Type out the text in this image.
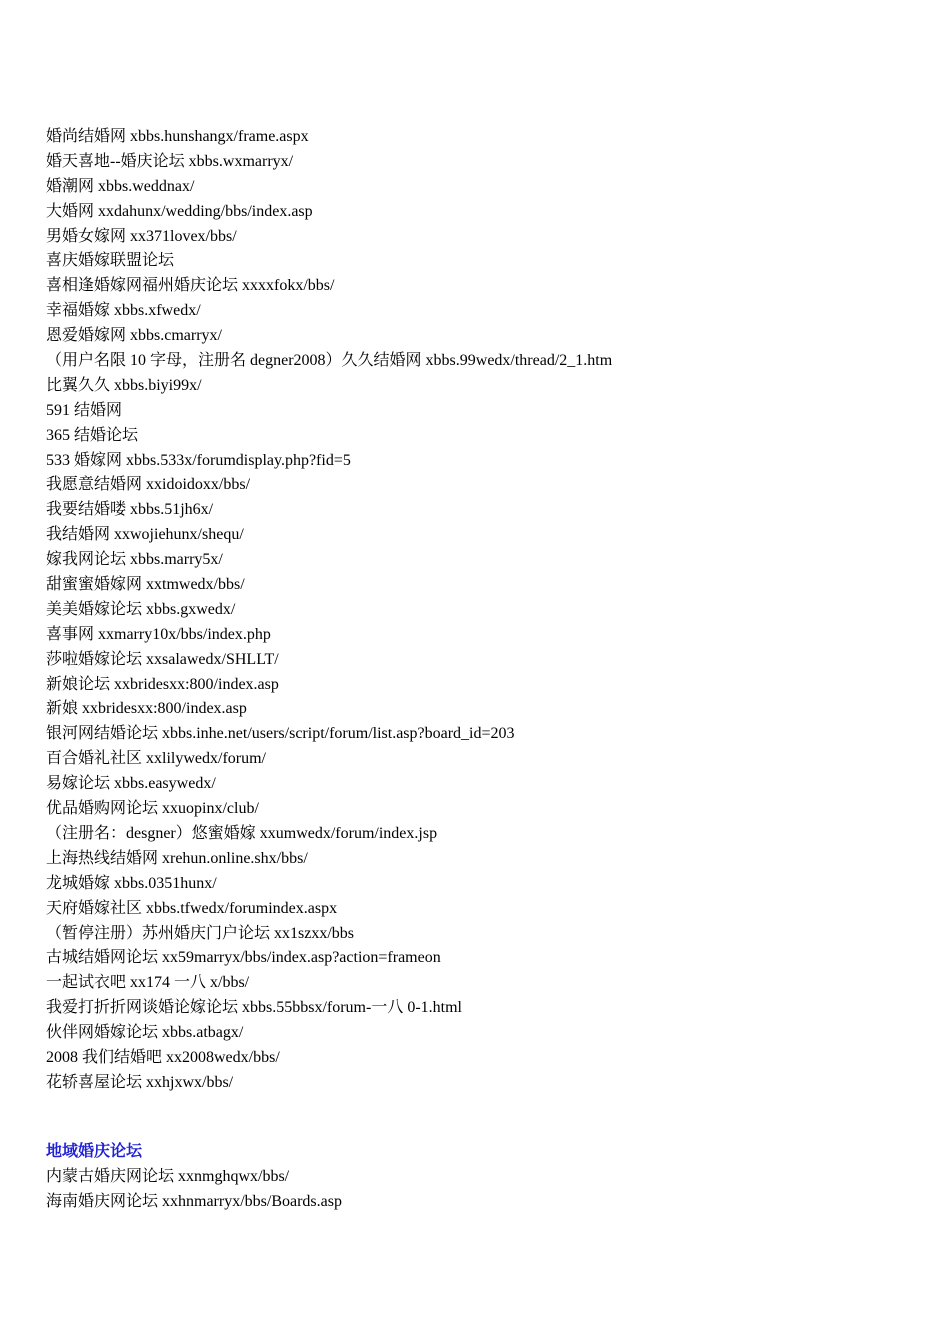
婚尚结婚网 xbbs.hunshangx/frame.aspx
婚天喜地--婚庆论坛 xbbs.wxmarryx/
婚潮网 xbbs.weddnax/
大婚网 xxdahunx/wedding/bbs/index.asp
男婚女嫁网 xx371lovex/bbs/
喜庆婚嫁联盟论坛
喜相逢婚嫁网福州婚庆论坛 xxxxfokx/bbs/
幸福婚嫁 xbbs.xfwedx/
恩爱婚嫁网 xbbs.cmarryx/
（用户名限 10 字母，注册名 degner2008）久久结婚网 xbbs.99wedx/thread/2_1.htm
比翼久久 xbbs.biyi99x/
591 结婚网
365 结婚论坛
533 婚嫁网 xbbs.533x/forumdisplay.php?fid=5
我愿意结婚网 xxidoidoxx/bbs/
我要结婚喽 xbbs.51jh6x/
我结婚网 xxwojiehunx/shequ/
嫁我网论坛 xbbs.marry5x/
甜蜜蜜婚嫁网 xxtmwedx/bbs/
美美婚嫁论坛 xbbs.gxwedx/
喜事网 xxmarry10x/bbs/index.php
莎啦婚嫁论坛 xxsalawedx/SHLLT/
新娘论坛 xxbridesxx:800/index.asp
新娘 xxbridesxx:800/index.asp
银河网结婚论坛 xbbs.inhe.net/users/script/forum/list.asp?board_id=203
百合婚礼社区 xxlilywedx/forum/
易嫁论坛 xbbs.easywedx/
优品婚购网论坛 xxuopinx/club/
（注册名：desgner）悠蜜婚嫁 xxumwedx/forum/index.jsp
上海热线结婚网 xrehun.online.shx/bbs/
龙城婚嫁 xbbs.0351hunx/
天府婚嫁社区 xbbs.tfwedx/forumindex.aspx
（暂停注册）苏州婚庆门户论坛 xx1szxx/bbs
古城结婚网论坛 xx59marryx/bbs/index.asp?action=frameon
一起试衣吧 xx174 一八 x/bbs/
我爱打折折网谈婚论嫁论坛 xbbs.55bbsx/forum-一八 0-1.html
伙伴网婚嫁论坛 xbbs.atbagx/
2008 我们结婚吧 xx2008wedx/bbs/
花轿喜屋论坛 xxhjxwx/bbs/
地域婚庆论坛
内蒙古婚庆网论坛 xxnmghqwx/bbs/
海南婚庆网论坛 xxhnmarryx/bbs/Boards.asp
